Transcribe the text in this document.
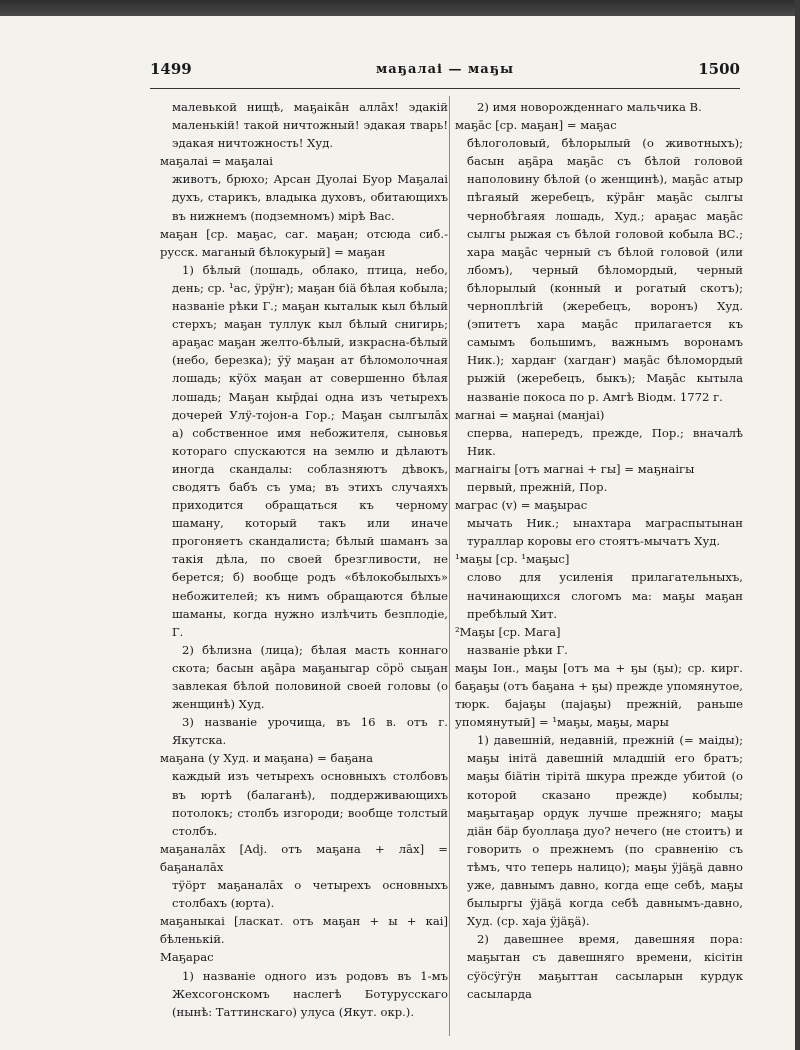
1499	маҕалаі — маҕы	1500

малевькой нищѣ, маҕаікāн аллāх! эдакій маленькій! такой ничтожный! эдакая тварь! эдакая ничтожность! Худ.

маҕалаі = маҕалаі

животъ, брюхо; Арсан Дуолаі Буор Маҕалаі духъ, старикъ, владыка духовъ, обитающихъ въ нижнемъ (подземномъ) мірѣ Вас.

маҕан [ср. маҕас, саг. маҕан; отсюда сиб.-русск. маганый бѣлокурый] = маҕан

1) бѣлый (лошадь, облако, птица, небо, день; ср. ¹ас, ӱрӱҥ); маҕан біä бѣлая кобыла; названіе рѣки Г.; маҕан кыталык кыл бѣлый стерхъ; маҕан туллук кыл бѣлый снигирь; араҕас маҕан желто-бѣлый, изкрасна-бѣлый (небо, березка); ӱӱ маҕан ат бѣломолочная лошадь; кӱöх маҕан ат совершенно бѣлая лошадь; Маҕан кыр̄даі одна изъ четырехъ дочерей Улӱ-тоjон-а Гор.; Маҕан сылгылāх а) собственное имя небожителя, сыновья котораго спускаются на землю и дѣлаютъ иногда скандалы: соблазняютъ дѣвокъ, сводятъ бабъ съ ума; въ этихъ случаяхъ приходится обращаться къ черному шаману, который такъ или иначе прогоняетъ скандалиста; бѣлый шаманъ за такія дѣла, по своей брезгливости, не берется; б) вообще родъ «бѣлокобылыхъ» небожителей; къ нимъ обращаются бѣлые шаманы, когда нужно излѣчить безплодіе, Г.

2) бѣлизна (лица); бѣлая масть коннаго скота; басын аҕāра маҕаныгар сӧрӧ сыҕан завлекая бѣлой половиной своей головы (о женщинѣ) Худ.

3) названіе урочища, въ 16 в. отъ г. Якутска.

маҕана (у Худ. и маҕана) = баҕана

каждый изъ четырехъ основныхъ столбовъ въ юртѣ (балаганѣ), поддерживающихъ потолокъ; столбъ изгороди; вообще толстый столбъ.

маҕаналāх [Adj. отъ маҕана + лāх] = баҕаналāх

тӱöрт маҕаналāх о четырехъ основныхъ столбахъ (юрта).

маҕаныкаі [ласкат. отъ маҕан + ы + каі] бѣленькій.

Маҕарас

1) названіе одного изъ родовъ въ 1-мъ Жехсогонскомъ наслегѣ Ботурусскаго (нынѣ: Таттинскаго) улуса (Якут. окр.).

2) имя новорожденнаго мальчика В.

маҕāс [ср. маҕан] = маҕас

бѣлоголовый, бѣлорылый (о животныхъ); басын аҕāра маҕāс съ бѣлой головой наполовину бѣлой (о женщинѣ), маҕāс атыр пѣгаяый жеребецъ, кӱрāҥ маҕāс сылгы чернобѣгаяя лошадь, Худ.; араҕас маҕāс сылгы рыжая съ бѣлой головой кобыла ВС.; хара маҕāс черный съ бѣлой головой (или лбомъ), черный бѣломордый, черный бѣлорылый (конный и рогатый скотъ); черноплѣгій (жеребецъ, воронъ) Худ. (эпитетъ хара маҕāс прилагается къ самымъ большимъ, важнымъ воронамъ Ник.); хардаҥ (хагдаҥ) маҕāс бѣломордый рыжій (жеребецъ, быкъ); Маҕāс кытыла названіе покоса по р. Амгѣ Віодм. 1772 г.

магнаі = маҕнаі (манjаі)

сперва, напередъ, прежде, Пор.; вначалѣ Ник.

магнаігы [отъ магнаі + гы] = маҕнаігы

первый, прежній, Пор.

маграс (v) = маҕырас

мычать Ник.; ынахтара маграспытынан тураллар коровы его стоятъ-мычатъ Худ.

¹маҕы [ср. ¹маҕыс]

слово для усиленія прилагательныхъ, начинающихся слогомъ ма: маҕы маҕан пребѣлый Хит.

²Маҕы [ср. Мага]

названіе рѣки Г.

маҕы Іон., маҕы [отъ ма + ҕы (ҕы); ср. кирг. баҕаҕы (отъ баҕана + ҕы) прежде упомянутое, тюрк. баjаҕы (паjаҕы) прежній, раньше упомянутый] = ¹маҕы, маҕы, мары

1) давешній, недавній, прежній (= маіды); маҕы інітä давешній младшій его братъ; маҕы біäтін тірітä шкура прежде убитой (о которой сказано прежде) кобылы; маҕытаҕар ордук лучше прежняго; маҕы діäн бäр буоллаҕа дуо? нечего (не стоитъ) и говорить о прежнемъ (по сравненію съ тѣмъ, что теперь налицо); маҕы ӱjäҕä давно уже, давнымъ давно, когда еще себѣ, маҕы былыргы ӱjäҕä когда себѣ давнымъ-давно, Худ. (ср. хаjа ӱjäҕä).

2) давешнее время, давешняя пора: маҕытан съ давешняго времени, кісітін сӱöсӱгӱн маҕыттан сасыларын курдук сасыларда
